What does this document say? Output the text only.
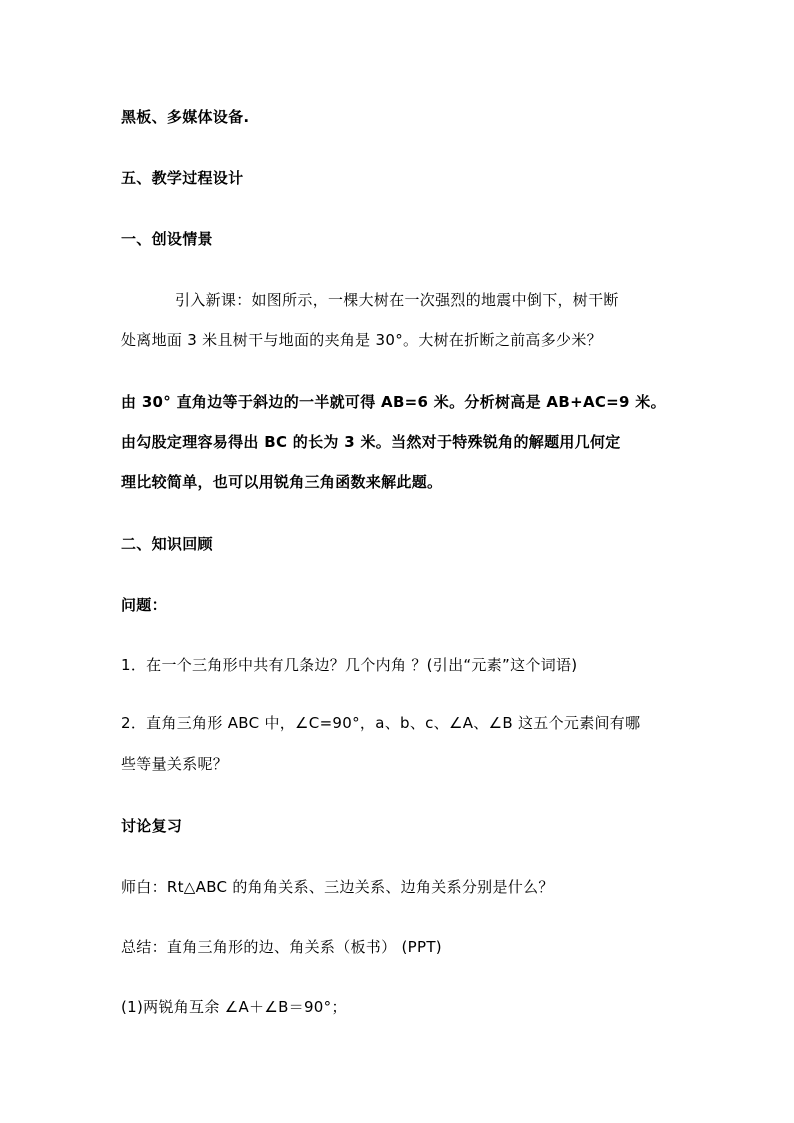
黑板、多媒体设备.
五、教学过程设计
一、创设情景
引入新课：如图所示，一棵大树在一次强烈的地震中倒下，树干断
处离地面 3 米且树干与地面的夹角是 30°。大树在折断之前高多少米？
由 30° 直角边等于斜边的一半就可得 AB=6 米。分析树高是 AB+AC=9 米。
由勾股定理容易得出 BC 的长为 3 米。当然对于特殊锐角的解题用几何定
理比较简单，也可以用锐角三角函数来解此题。
二、知识回顾
问题：
1．在一个三角形中共有几条边？几个内角 ？(引出“元素”这个词语)
2．直角三角形 ABC 中，∠C=90°，a、b、c、∠A、∠B 这五个元素间有哪
些等量关系呢？
讨论复习
师白：Rt△ABC 的角角关系、三边关系、边角关系分别是什么？
总结：直角三角形的边、角关系（板书） (PPT)
(1)两锐角互余 ∠A＋∠B＝90°；
